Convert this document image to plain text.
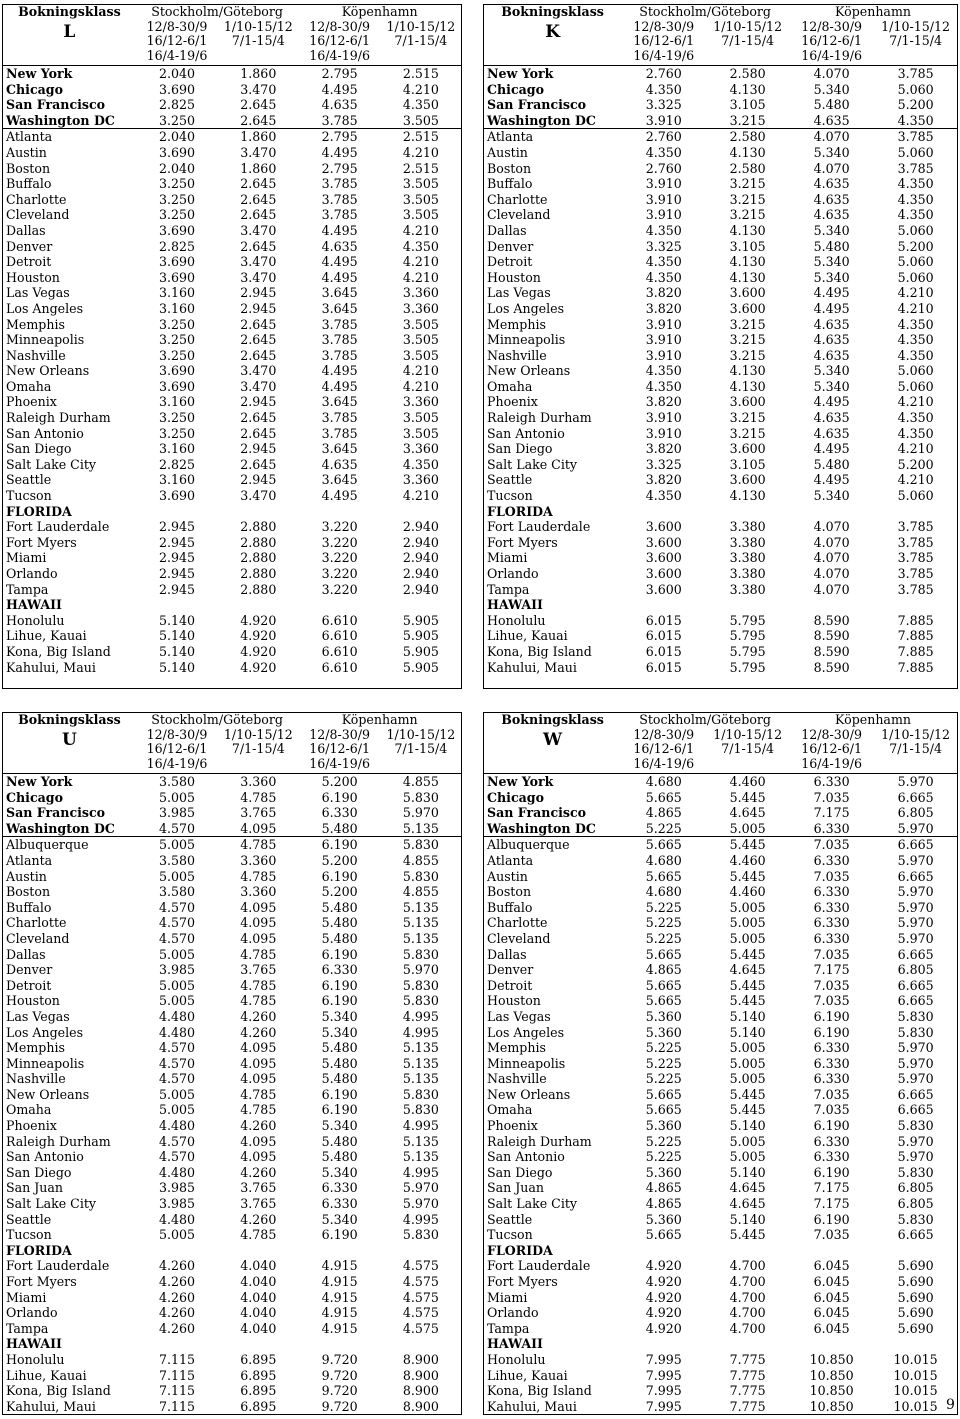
Bokningsklass
L	Stockholm/Göteborg		Köpenhamn	
	12/8-30/9	1/10-15/12	12/8-30/9	1/10-15/12
	16/12-6/1	7/1-15/4	16/12-6/1	7/1-15/4
	16/4-19/6		16/4-19/6	
New York	2.040	1.860	2.795	2.515
Chicago	3.690	3.470	4.495	4.210
San Francisco	2.825	2.645	4.635	4.350
Washington DC	3.250	2.645	3.785	3.505
Atlanta	2.040	1.860	2.795	2.515
Austin	3.690	3.470	4.495	4.210
Boston	2.040	1.860	2.795	2.515
Buffalo	3.250	2.645	3.785	3.505
Charlotte	3.250	2.645	3.785	3.505
Cleveland	3.250	2.645	3.785	3.505
Dallas	3.690	3.470	4.495	4.210
Denver	2.825	2.645	4.635	4.350
Detroit	3.690	3.470	4.495	4.210
Houston	3.690	3.470	4.495	4.210
Las Vegas	3.160	2.945	3.645	3.360
Los Angeles	3.160	2.945	3.645	3.360
Memphis	3.250	2.645	3.785	3.505
Minneapolis	3.250	2.645	3.785	3.505
Nashville	3.250	2.645	3.785	3.505
New Orleans	3.690	3.470	4.495	4.210
Omaha	3.690	3.470	4.495	4.210
Phoenix	3.160	2.945	3.645	3.360
Raleigh Durham	3.250	2.645	3.785	3.505
San Antonio	3.250	2.645	3.785	3.505
San Diego	3.160	2.945	3.645	3.360
Salt Lake City	2.825	2.645	4.635	4.350
Seattle	3.160	2.945	3.645	3.360
Tucson	3.690	3.470	4.495	4.210
FLORIDA				
Fort Lauderdale	2.945	2.880	3.220	2.940
Fort Myers	2.945	2.880	3.220	2.940
Miami	2.945	2.880	3.220	2.940
Orlando	2.945	2.880	3.220	2.940
Tampa	2.945	2.880	3.220	2.940
HAWAII				
Honolulu	5.140	4.920	6.610	5.905
Lihue, Kauai	5.140	4.920	6.610	5.905
Kona, Big Island	5.140	4.920	6.610	5.905
Kahului, Maui	5.140	4.920	6.610	5.905
Bokningsklass
K	Stockholm/Göteborg		Köpenhamn	
	12/8-30/9	1/10-15/12	12/8-30/9	1/10-15/12
	16/12-6/1	7/1-15/4	16/12-6/1	7/1-15/4
	16/4-19/6		16/4-19/6	
New York	2.760	2.580	4.070	3.785
Chicago	4.350	4.130	5.340	5.060
San Francisco	3.325	3.105	5.480	5.200
Washington DC	3.910	3.215	4.635	4.350
Atlanta	2.760	2.580	4.070	3.785
Austin	4.350	4.130	5.340	5.060
Boston	2.760	2.580	4.070	3.785
Buffalo	3.910	3.215	4.635	4.350
Charlotte	3.910	3.215	4.635	4.350
Cleveland	3.910	3.215	4.635	4.350
Dallas	4.350	4.130	5.340	5.060
Denver	3.325	3.105	5.480	5.200
Detroit	4.350	4.130	5.340	5.060
Houston	4.350	4.130	5.340	5.060
Las Vegas	3.820	3.600	4.495	4.210
Los Angeles	3.820	3.600	4.495	4.210
Memphis	3.910	3.215	4.635	4.350
Minneapolis	3.910	3.215	4.635	4.350
Nashville	3.910	3.215	4.635	4.350
New Orleans	4.350	4.130	5.340	5.060
Omaha	4.350	4.130	5.340	5.060
Phoenix	3.820	3.600	4.495	4.210
Raleigh Durham	3.910	3.215	4.635	4.350
San Antonio	3.910	3.215	4.635	4.350
San Diego	3.820	3.600	4.495	4.210
Salt Lake City	3.325	3.105	5.480	5.200
Seattle	3.820	3.600	4.495	4.210
Tucson	4.350	4.130	5.340	5.060
FLORIDA				
Fort Lauderdale	3.600	3.380	4.070	3.785
Fort Myers	3.600	3.380	4.070	3.785
Miami	3.600	3.380	4.070	3.785
Orlando	3.600	3.380	4.070	3.785
Tampa	3.600	3.380	4.070	3.785
HAWAII				
Honolulu	6.015	5.795	8.590	7.885
Lihue, Kauai	6.015	5.795	8.590	7.885
Kona, Big Island	6.015	5.795	8.590	7.885
Kahului, Maui	6.015	5.795	8.590	7.885
Bokningsklass
U	Stockholm/Göteborg		Köpenhamn	
	12/8-30/9	1/10-15/12	12/8-30/9	1/10-15/12
	16/12-6/1	7/1-15/4	16/12-6/1	7/1-15/4
	16/4-19/6		16/4-19/6	
New York	3.580	3.360	5.200	4.855
Chicago	5.005	4.785	6.190	5.830
San Francisco	3.985	3.765	6.330	5.970
Washington DC	4.570	4.095	5.480	5.135
Albuquerque	5.005	4.785	6.190	5.830
Atlanta	3.580	3.360	5.200	4.855
Austin	5.005	4.785	6.190	5.830
Boston	3.580	3.360	5.200	4.855
Buffalo	4.570	4.095	5.480	5.135
Charlotte	4.570	4.095	5.480	5.135
Cleveland	4.570	4.095	5.480	5.135
Dallas	5.005	4.785	6.190	5.830
Denver	3.985	3.765	6.330	5.970
Detroit	5.005	4.785	6.190	5.830
Houston	5.005	4.785	6.190	5.830
Las Vegas	4.480	4.260	5.340	4.995
Los Angeles	4.480	4.260	5.340	4.995
Memphis	4.570	4.095	5.480	5.135
Minneapolis	4.570	4.095	5.480	5.135
Nashville	4.570	4.095	5.480	5.135
New Orleans	5.005	4.785	6.190	5.830
Omaha	5.005	4.785	6.190	5.830
Phoenix	4.480	4.260	5.340	4.995
Raleigh Durham	4.570	4.095	5.480	5.135
San Antonio	4.570	4.095	5.480	5.135
San Diego	4.480	4.260	5.340	4.995
San Juan	3.985	3.765	6.330	5.970
Salt Lake City	3.985	3.765	6.330	5.970
Seattle	4.480	4.260	5.340	4.995
Tucson	5.005	4.785	6.190	5.830
FLORIDA				
Fort Lauderdale	4.260	4.040	4.915	4.575
Fort Myers	4.260	4.040	4.915	4.575
Miami	4.260	4.040	4.915	4.575
Orlando	4.260	4.040	4.915	4.575
Tampa	4.260	4.040	4.915	4.575
HAWAII				
Honolulu	7.115	6.895	9.720	8.900
Lihue, Kauai	7.115	6.895	9.720	8.900
Kona, Big Island	7.115	6.895	9.720	8.900
Kahului, Maui	7.115	6.895	9.720	8.900
Bokningsklass
W	Stockholm/Göteborg		Köpenhamn	
	12/8-30/9	1/10-15/12	12/8-30/9	1/10-15/12
	16/12-6/1	7/1-15/4	16/12-6/1	7/1-15/4
	16/4-19/6		16/4-19/6	
New York	4.680	4.460	6.330	5.970
Chicago	5.665	5.445	7.035	6.665
San Francisco	4.865	4.645	7.175	6.805
Washington DC	5.225	5.005	6.330	5.970
Albuquerque	5.665	5.445	7.035	6.665
Atlanta	4.680	4.460	6.330	5.970
Austin	5.665	5.445	7.035	6.665
Boston	4.680	4.460	6.330	5.970
Buffalo	5.225	5.005	6.330	5.970
Charlotte	5.225	5.005	6.330	5.970
Cleveland	5.225	5.005	6.330	5.970
Dallas	5.665	5.445	7.035	6.665
Denver	4.865	4.645	7.175	6.805
Detroit	5.665	5.445	7.035	6.665
Houston	5.665	5.445	7.035	6.665
Las Vegas	5.360	5.140	6.190	5.830
Los Angeles	5.360	5.140	6.190	5.830
Memphis	5.225	5.005	6.330	5.970
Minneapolis	5.225	5.005	6.330	5.970
Nashville	5.225	5.005	6.330	5.970
New Orleans	5.665	5.445	7.035	6.665
Omaha	5.665	5.445	7.035	6.665
Phoenix	5.360	5.140	6.190	5.830
Raleigh Durham	5.225	5.005	6.330	5.970
San Antonio	5.225	5.005	6.330	5.970
San Diego	5.360	5.140	6.190	5.830
San Juan	4.865	4.645	7.175	6.805
Salt Lake City	4.865	4.645	7.175	6.805
Seattle	5.360	5.140	6.190	5.830
Tucson	5.665	5.445	7.035	6.665
FLORIDA				
Fort Lauderdale	4.920	4.700	6.045	5.690
Fort Myers	4.920	4.700	6.045	5.690
Miami	4.920	4.700	6.045	5.690
Orlando	4.920	4.700	6.045	5.690
Tampa	4.920	4.700	6.045	5.690
HAWAII				
Honolulu	7.995	7.775	10.850	10.015
Lihue, Kauai	7.995	7.775	10.850	10.015
Kona, Big Island	7.995	7.775	10.850	10.015
Kahului, Maui	7.995	7.775	10.850	10.015 9
